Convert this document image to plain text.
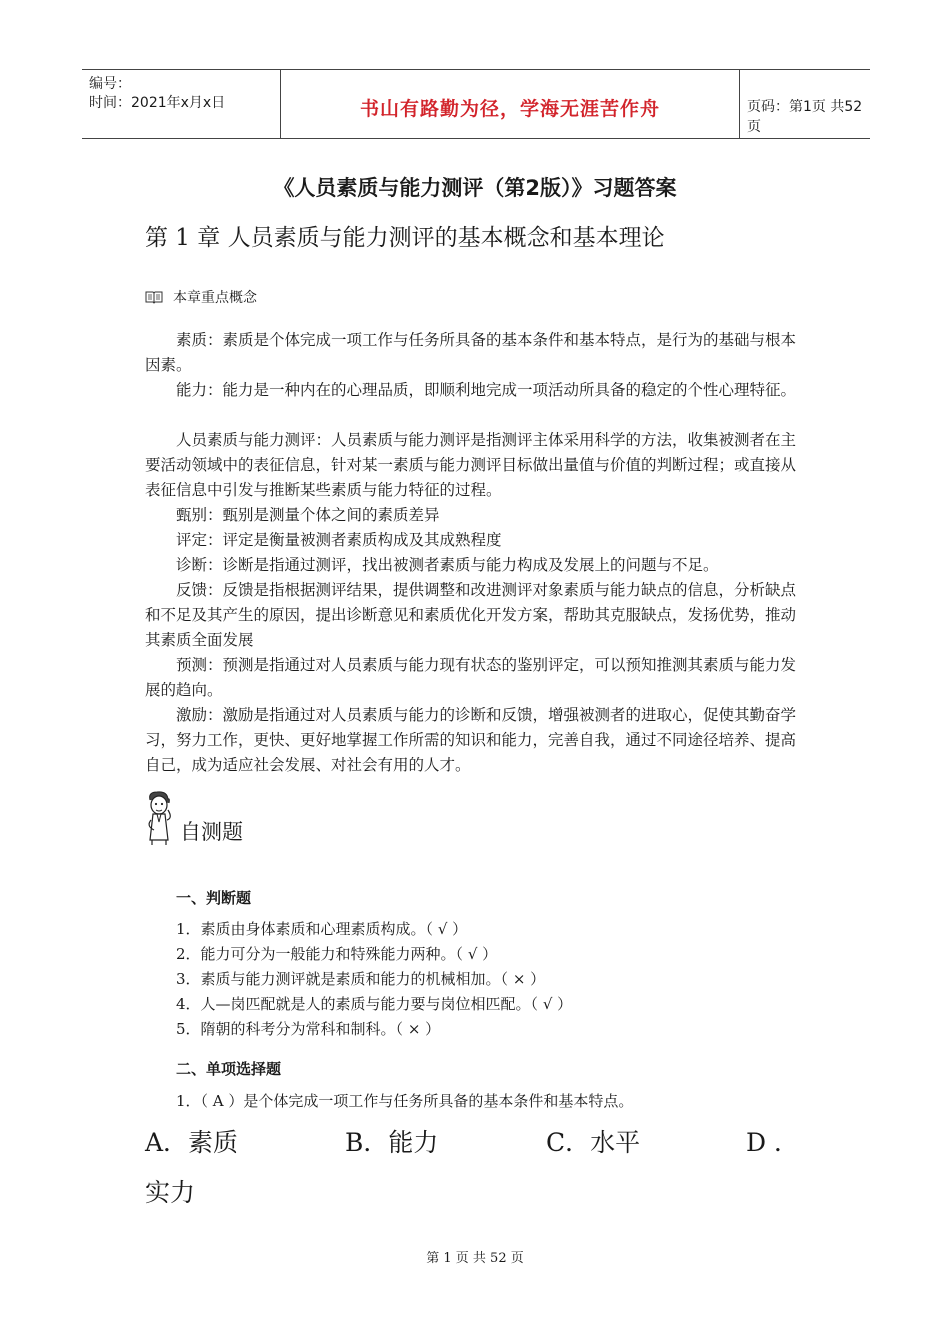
编号：
时间：2021年x月x日	书山有路勤为径，学海无涯苦作舟	页码：第1页 共52页
《人员素质与能力测评（第2版）》习题答案
第 1 章 人员素质与能力测评的基本概念和基本理论
本章重点概念

素质：素质是个体完成一项工作与任务所具备的基本条件和基本特点，是行为的基础与根本因素。

能力：能力是一种内在的心理品质，即顺利地完成一项活动所具备的稳定的个性心理特征。

人员素质与能力测评：人员素质与能力测评是指测评主体采用科学的方法，收集被测者在主要活动领域中的表征信息，针对某一素质与能力测评目标做出量值与价值的判断过程；或直接从表征信息中引发与推断某些素质与能力特征的过程。

甄别：甄别是测量个体之间的素质差异

评定：评定是衡量被测者素质构成及其成熟程度

诊断：诊断是指通过测评，找出被测者素质与能力构成及发展上的问题与不足。

反馈：反馈是指根据测评结果，提供调整和改进测评对象素质与能力缺点的信息，分析缺点和不足及其产生的原因，提出诊断意见和素质优化开发方案，帮助其克服缺点，发扬优势，推动其素质全面发展

预测：预测是指通过对人员素质与能力现有状态的鉴别评定，可以预知推测其素质与能力发展的趋向。

激励：激励是指通过对人员素质与能力的诊断和反馈，增强被测者的进取心，促使其勤奋学习，努力工作，更快、更好地掌握工作所需的知识和能力，完善自我，通过不同途径培养、提高自己，成为适应社会发展、对社会有用的人才。

自测题
一、判断题
1．素质由身体素质和心理素质构成。（ √ ）
2．能力可分为一般能力和特殊能力两种。（ √ ）
3．素质与能力测评就是素质和能力的机械相加。（ × ）
4．人—岗匹配就是人的素质与能力要与岗位相匹配。（ √ ）
5．隋朝的科考分为常科和制科。（ × ）
二、单项选择题
1．（ A ）是个体完成一项工作与任务所具备的基本条件和基本特点。
A．素质	B．能力	C．水平	D ．
实力
第 1 页 共 52 页
